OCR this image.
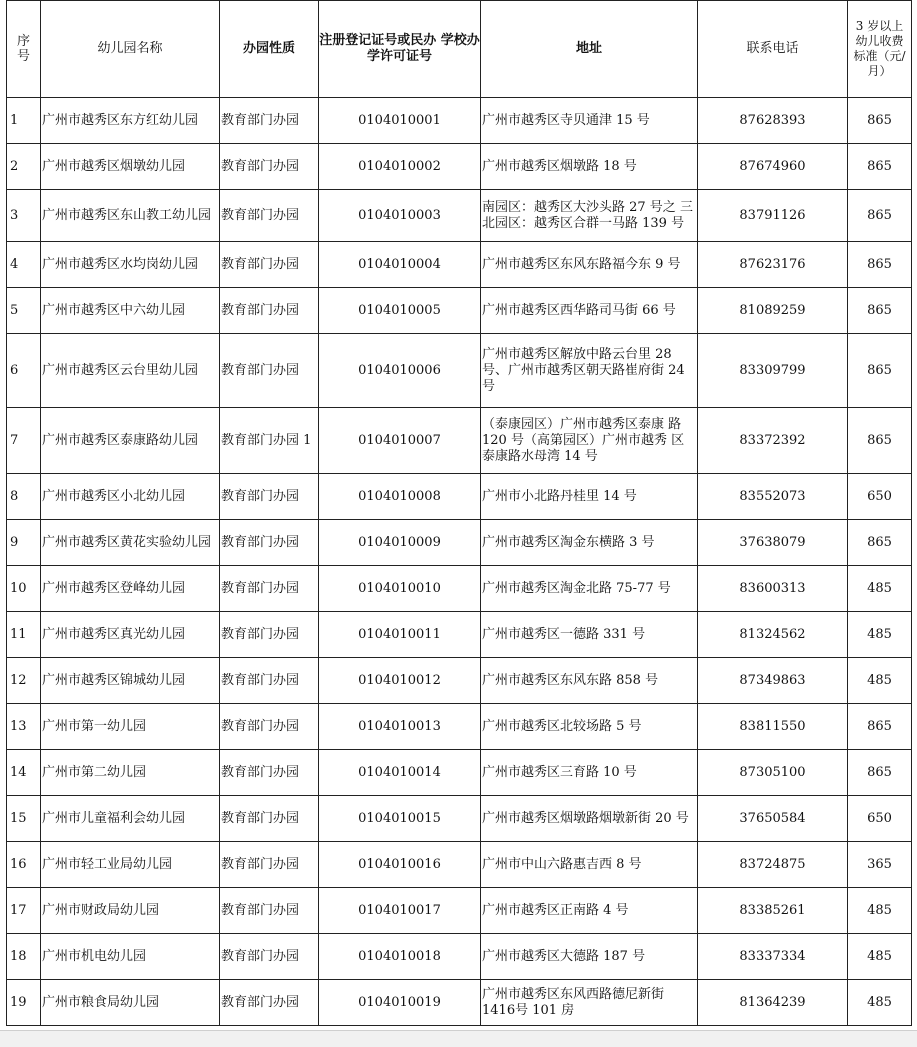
序号	幼儿园名称	办园性质	注册登记证号或民办 学校办学许可证号	地址	联系电话	3 岁以上幼儿收费标准（元/ 月）
1	广州市越秀区东方红幼儿园	教育部门办园	0104010001	广州市越秀区寺贝通津 15 号	87628393	865
2	广州市越秀区烟墩幼儿园	教育部门办园	0104010002	广州市越秀区烟墩路 18 号	87674960	865
3	广州市越秀区东山教工幼儿园	教育部门办园	0104010003	南园区：越秀区大沙头路 27 号之 三北园区：越秀区合群一马路 139 号	83791126	865
4	广州市越秀区水均岗幼儿园	教育部门办园	0104010004	广州市越秀区东风东路福今东 9 号	87623176	865
5	广州市越秀区中六幼儿园	教育部门办园	0104010005	广州市越秀区西华路司马街 66 号	81089259	865
6	广州市越秀区云台里幼儿园	教育部门办园	0104010006	广州市越秀区解放中路云台里 28 号、广州市越秀区朝天路崔府街 24 号	83309799	865
7	广州市越秀区泰康路幼儿园	教育部门办园 1	0104010007	（泰康园区）广州市越秀区泰康 路 120 号（高第园区）广州市越秀 区泰康路水母湾 14 号	83372392	865
8	广州市越秀区小北幼儿园	教育部门办园	0104010008	广州市小北路丹桂里 14 号	83552073	650
9	广州市越秀区黄花实验幼儿园	教育部门办园	0104010009	广州市越秀区淘金东横路 3 号	37638079	865
10	广州市越秀区登峰幼儿园	教育部门办园	0104010010	广州市越秀区淘金北路 75-77 号	83600313	485
11	广州市越秀区真光幼儿园	教育部门办园	0104010011	广州市越秀区一德路 331 号	81324562	485
12	广州市越秀区锦城幼儿园	教育部门办园	0104010012	广州市越秀区东风东路 858 号	87349863	485
13	广州市第一幼儿园	教育部门办园	0104010013	广州市越秀区北较场路 5 号	83811550	865
14	广州市第二幼儿园	教育部门办园	0104010014	广州市越秀区三育路 10 号	87305100	865
15	广州市儿童福利会幼儿园	教育部门办园	0104010015	广州市越秀区烟墩路烟墩新街 20 号	37650584	650
16	广州市轻工业局幼儿园	教育部门办园	0104010016	广州市中山六路惠吉西 8 号	83724875	365
17	广州市财政局幼儿园	教育部门办园	0104010017	广州市越秀区正南路 4 号	83385261	485
18	广州市机电幼儿园	教育部门办园	0104010018	广州市越秀区大德路 187 号	83337334	485
19	广州市粮食局幼儿园	教育部门办园	0104010019	广州市越秀区东风西路德尼新街 1416号 101 房	81364239	485
